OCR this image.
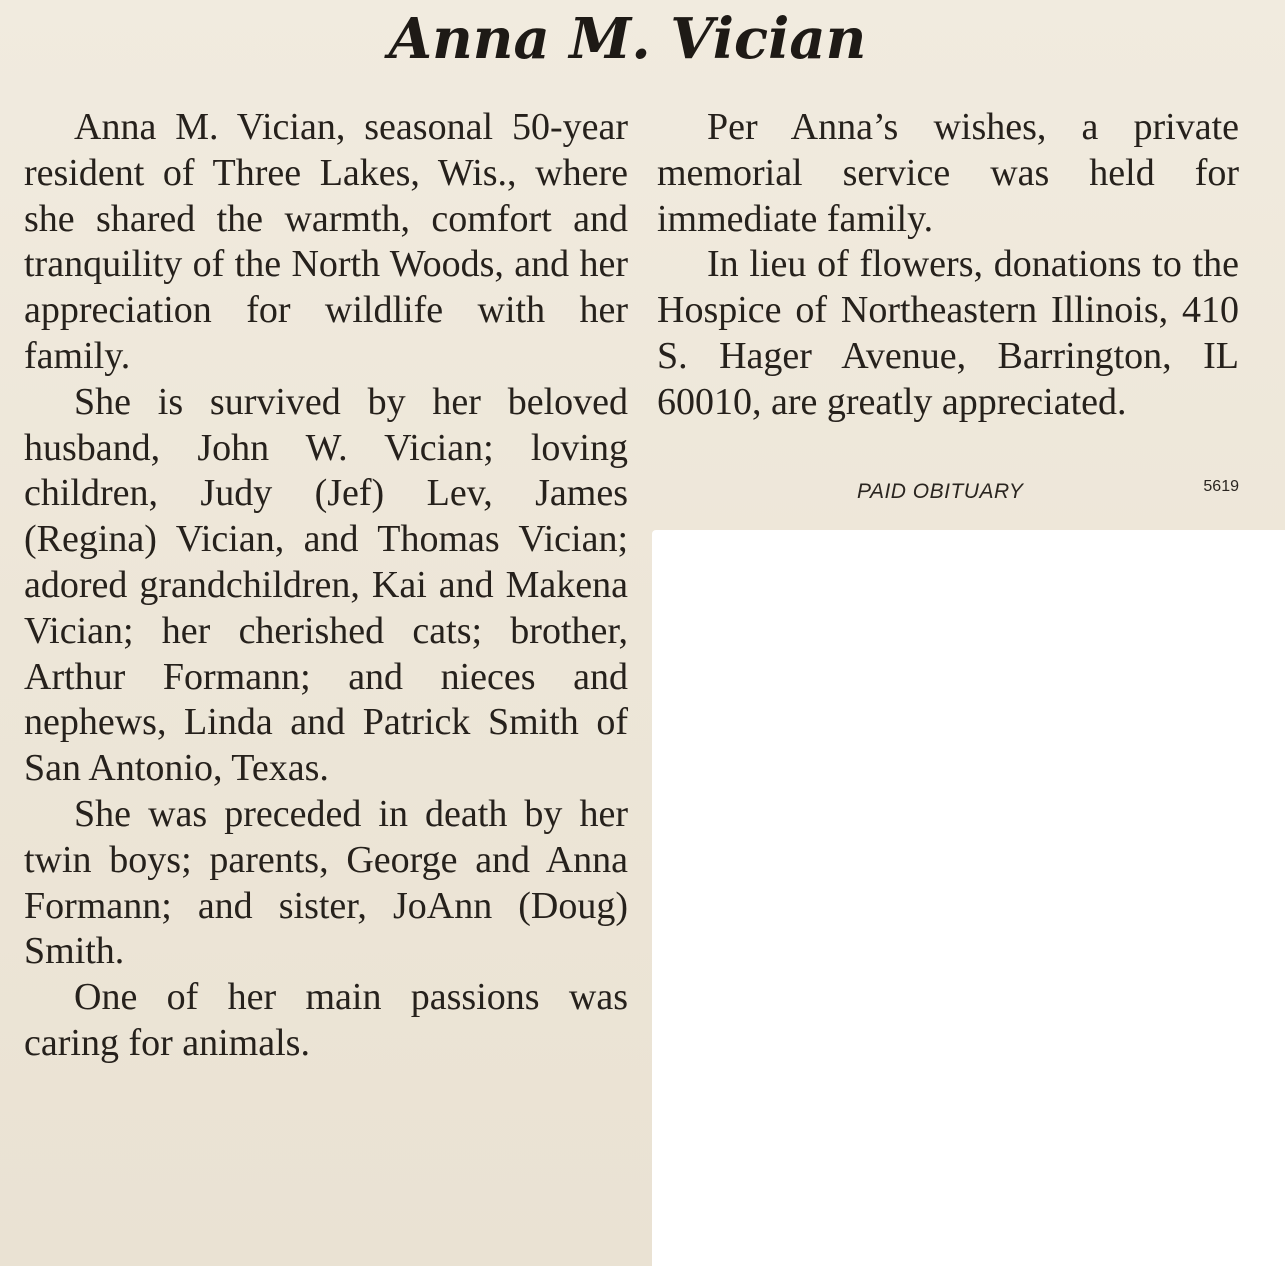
Anna M. Vician

Anna M. Vician, seasonal 50-year resident of Three Lakes, Wis., where she shared the warmth, comfort and tranquility of the North Woods, and her appreciation for wildlife with her family.

She is survived by her beloved husband, John W. Vician; loving children, Judy (Jef) Lev, James (Regina) Vician, and Thomas Vician; adored grandchildren, Kai and Makena Vician; her cherished cats; brother, Arthur Formann; and nieces and nephews, Linda and Patrick Smith of San Antonio, Texas.

She was preceded in death by her twin boys; parents, George and Anna Formann; and sister, JoAnn (Doug) Smith.

One of her main passions was caring for animals.

Per Anna’s wishes, a private memorial service was held for immediate family.

In lieu of flowers, donations to the Hospice of Northeastern Illinois, 410 S. Hager Avenue, Barrington, IL 60010, are greatly appreciated.

PAID OBITUARY	5619
